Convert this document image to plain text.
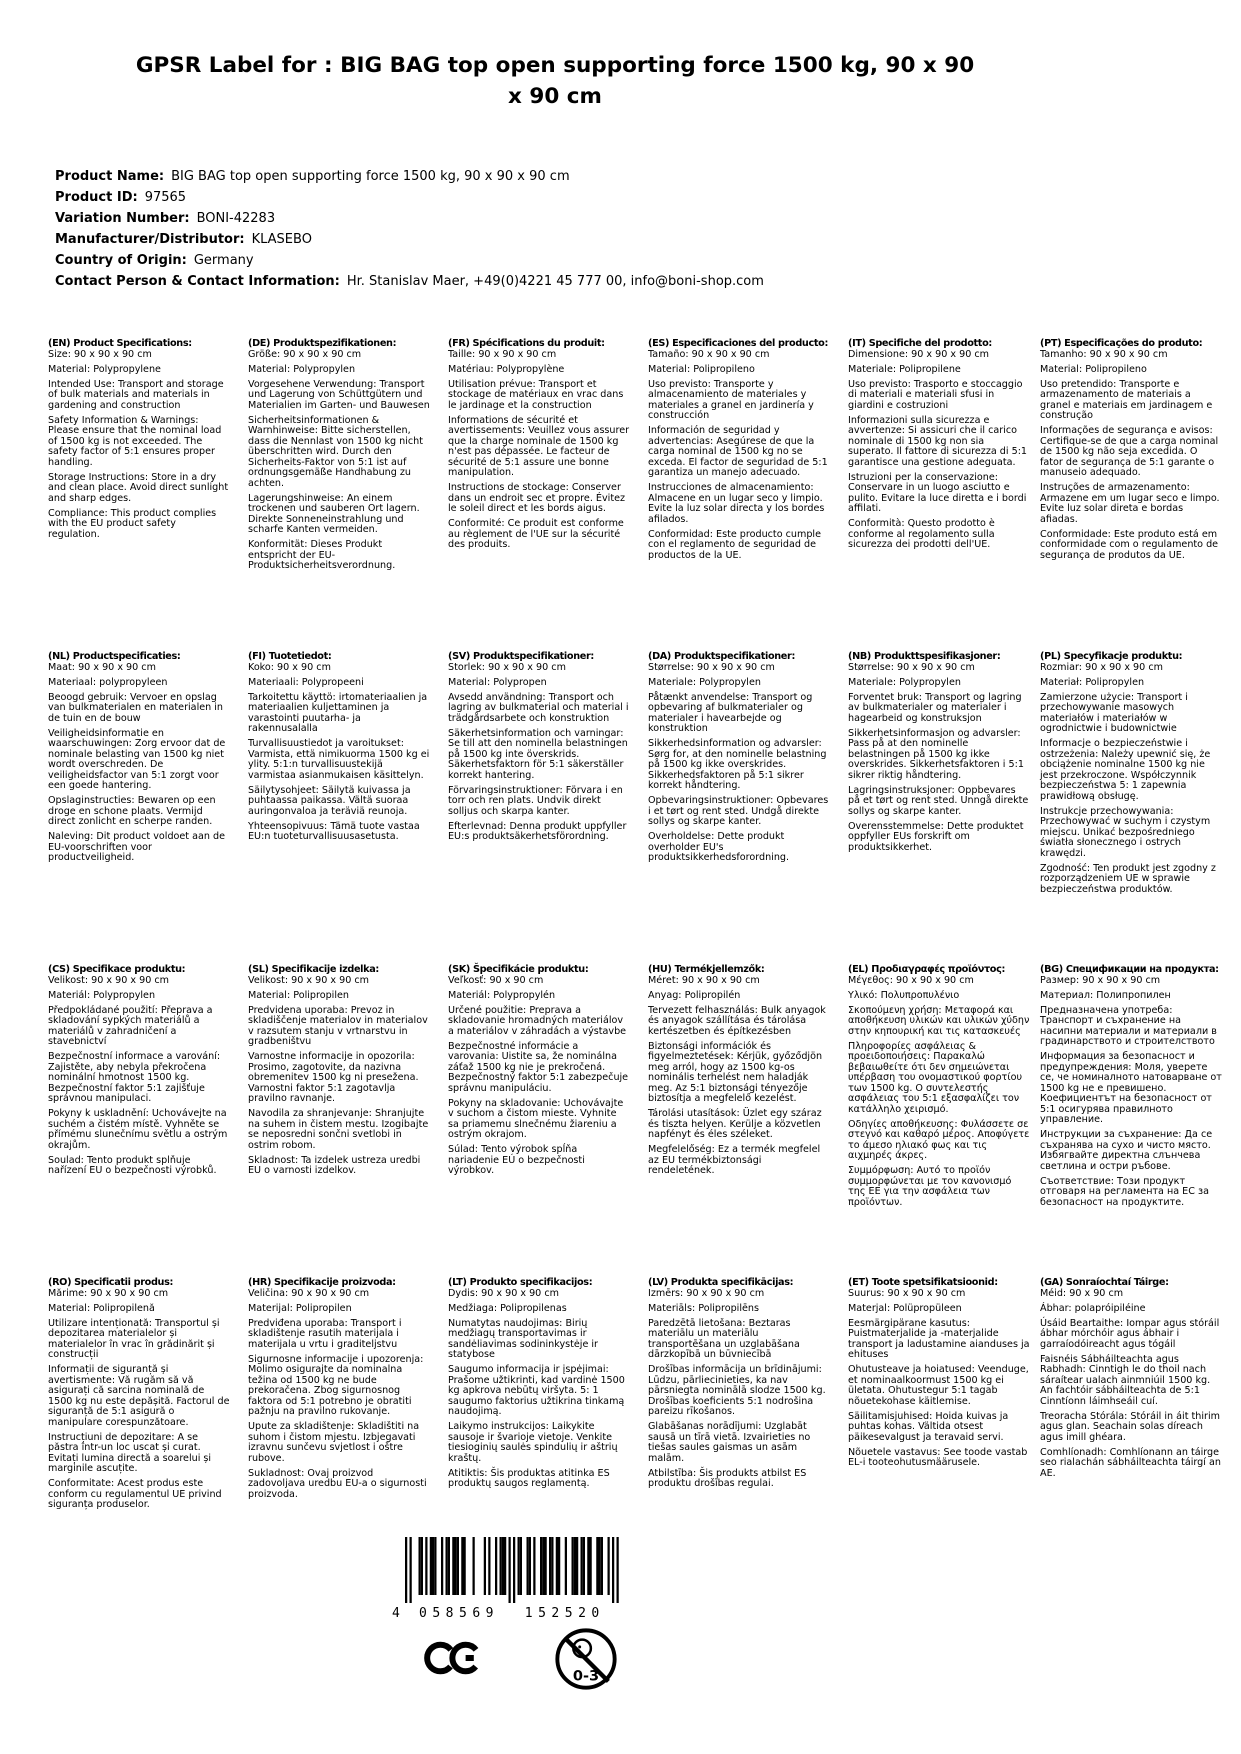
GPSR Label for : BIG BAG top open supporting force 1500 kg, 90 x 90
x 90 cm
Product Name: BIG BAG top open supporting force 1500 kg, 90 x 90 x 90 cm
Product ID: 97565
Variation Number: BONI-42283
Manufacturer/Distributor: KLASEBO
Country of Origin: Germany
Contact Person & Contact Information: Hr. Stanislav Maer, +49(0)4221 45 777 00, info@boni-shop.com
(EN) Product Specifications:
Size: 90 x 90 x 90 cm
Material: Polypropylene
Intended Use: Transport and storage of bulk materials and materials in gardening and construction
Safety Information & Warnings: Please ensure that the nominal load of 1500 kg is not exceeded. The safety factor of 5:1 ensures proper handling.
Storage Instructions: Store in a dry and clean place. Avoid direct sunlight and sharp edges.
Compliance: This product complies with the EU product safety regulation.
(DE) Produktspezifikationen:
Größe: 90 x 90 x 90 cm
Material: Polypropylen
Vorgesehene Verwendung: Transport und Lagerung von Schüttgütern und Materialien im Garten- und Bauwesen
Sicherheitsinformationen & Warnhinweise: Bitte sicherstellen, dass die Nennlast von 1500 kg nicht überschritten wird. Durch den Sicherheits-Faktor von 5:1 ist auf ordnungsgemäße Handhabung zu achten.
Lagerungshinweise: An einem trockenen und sauberen Ort lagern. Direkte Sonneneinstrahlung und scharfe Kanten vermeiden.
Konformität: Dieses Produkt entspricht der EU-Produktsicherheitsverordnung.
(FR) Spécifications du produit:
Taille: 90 x 90 x 90 cm
Matériau: Polypropylène
Utilisation prévue: Transport et stockage de matériaux en vrac dans le jardinage et la construction
Informations de sécurité et avertissements: Veuillez vous assurer que la charge nominale de 1500 kg n'est pas dépassée. Le facteur de sécurité de 5:1 assure une bonne manipulation.
Instructions de stockage: Conserver dans un endroit sec et propre. Évitez le soleil direct et les bords aigus.
Conformité: Ce produit est conforme au règlement de l'UE sur la sécurité des produits.
(ES) Especificaciones del producto:
Tamaño: 90 x 90 x 90 cm
Material: Polipropileno
Uso previsto: Transporte y almacenamiento de materiales y materiales a granel en jardinería y construcción
Información de seguridad y advertencias: Asegúrese de que la carga nominal de 1500 kg no se exceda. El factor de seguridad de 5:1 garantiza un manejo adecuado.
Instrucciones de almacenamiento: Almacene en un lugar seco y limpio. Evite la luz solar directa y los bordes afilados.
Conformidad: Este producto cumple con el reglamento de seguridad de productos de la UE.
(IT) Specifiche del prodotto:
Dimensione: 90 x 90 x 90 cm
Materiale: Polipropilene
Uso previsto: Trasporto e stoccaggio di materiali e materiali sfusi in giardini e costruzioni
Informazioni sulla sicurezza e avvertenze: Si assicuri che il carico nominale di 1500 kg non sia superato. Il fattore di sicurezza di 5:1 garantisce una gestione adeguata.
Istruzioni per la conservazione: Conservare in un luogo asciutto e pulito. Evitare la luce diretta e i bordi affilati.
Conformità: Questo prodotto è conforme al regolamento sulla sicurezza dei prodotti dell'UE.
(PT) Especificações do produto:
Tamanho: 90 x 90 x 90 cm
Material: Polipropileno
Uso pretendido: Transporte e armazenamento de materiais a granel e materiais em jardinagem e construção
Informações de segurança e avisos: Certifique-se de que a carga nominal de 1500 kg não seja excedida. O fator de segurança de 5:1 garante o manuseio adequado.
Instruções de armazenamento: Armazene em um lugar seco e limpo. Evite luz solar direta e bordas afiadas.
Conformidade: Este produto está em conformidade com o regulamento de segurança de produtos da UE.
(NL) Productspecificaties:
Maat: 90 x 90 x 90 cm
Materiaal: polypropyleen
Beoogd gebruik: Vervoer en opslag van bulkmaterialen en materialen in de tuin en de bouw
Veiligheidsinformatie en waarschuwingen: Zorg ervoor dat de nominale belasting van 1500 kg niet wordt overschreden. De veiligheidsfactor van 5:1 zorgt voor een goede hantering.
Opslaginstructies: Bewaren op een droge en schone plaats. Vermijd direct zonlicht en scherpe randen.
Naleving: Dit product voldoet aan de EU-voorschriften voor productveiligheid.
(FI) Tuotetiedot:
Koko: 90 x 90 cm
Materiaali: Polypropeeni
Tarkoitettu käyttö: irtomateriaalien ja materiaalien kuljettaminen ja varastointi puutarha- ja rakennusalalla
Turvallisuustiedot ja varoitukset: Varmista, että nimikuorma 1500 kg ei ylity. 5:1:n turvallisuustekijä varmistaa asianmukaisen käsittelyn.
Säilytysohjeet: Säilytä kuivassa ja puhtaassa paikassa. Vältä suoraa auringonvaloa ja teräviä reunoja.
Yhteensopivuus: Tämä tuote vastaa EU:n tuoteturvallisuusasetusta.
(SV) Produktspecifikationer:
Storlek: 90 x 90 x 90 cm
Material: Polypropen
Avsedd användning: Transport och lagring av bulkmaterial och material i trädgårdsarbete och konstruktion
Säkerhetsinformation och varningar: Se till att den nominella belastningen på 1500 kg inte överskrids. Säkerhetsfaktorn för 5:1 säkerställer korrekt hantering.
Förvaringsinstruktioner: Förvara i en torr och ren plats. Undvik direkt solljus och skarpa kanter.
Efterlevnad: Denna produkt uppfyller EU:s produktsäkerhetsförordning.
(DA) Produktspecifikationer:
Størrelse: 90 x 90 x 90 cm
Materiale: Polypropylen
Påtænkt anvendelse: Transport og opbevaring af bulkmaterialer og materialer i havearbejde og konstruktion
Sikkerhedsinformation og advarsler: Sørg for, at den nominelle belastning på 1500 kg ikke overskrides. Sikkerhedsfaktoren på 5:1 sikrer korrekt håndtering.
Opbevaringsinstruktioner: Opbevares i et tørt og rent sted. Undgå direkte sollys og skarpe kanter.
Overholdelse: Dette produkt overholder EU's produktsikkerhedsforordning.
(NB) Produkttspesifikasjoner:
Størrelse: 90 x 90 x 90 cm
Materiale: Polypropylen
Forventet bruk: Transport og lagring av bulkmaterialer og materialer i hagearbeid og konstruksjon
Sikkerhetsinformasjon og advarsler: Pass på at den nominelle belastningen på 1500 kg ikke overskrides. Sikkerhetsfaktoren i 5:1 sikrer riktig håndtering.
Lagringsinstruksjoner: Oppbevares på et tørt og rent sted. Unngå direkte sollys og skarpe kanter.
Overensstemmelse: Dette produktet oppfyller EUs forskrift om produktsikkerhet.
(PL) Specyfikacje produktu:
Rozmiar: 90 x 90 x 90 cm
Materiał: Polipropylen
Zamierzone użycie: Transport i przechowywanie masowych materiałów i materiałów w ogrodnictwie i budownictwie
Informacje o bezpieczeństwie i ostrzeżenia: Należy upewnić się, że obciążenie nominalne 1500 kg nie jest przekroczone. Współczynnik bezpieczeństwa 5: 1 zapewnia prawidłową obsługę.
Instrukcje przechowywania: Przechowywać w suchym i czystym miejscu. Unikać bezpośredniego światła słonecznego i ostrych krawędzi.
Zgodność: Ten produkt jest zgodny z rozporządzeniem UE w sprawie bezpieczeństwa produktów.
(CS) Specifikace produktu:
Velikost: 90 x 90 x 90 cm
Materiál: Polypropylen
Předpokládané použití: Přeprava a skladování sypkých materiálů a materiálů v zahradničení a stavebnictví
Bezpečnostní informace a varování: Zajistěte, aby nebyla překročena nominální hmotnost 1500 kg. Bezpečnostní faktor 5:1 zajišťuje správnou manipulaci.
Pokyny k uskladnění: Uchovávejte na suchém a čistém místě. Vyhněte se přímému slunečnímu světlu a ostrým okrajům.
Soulad: Tento produkt splňuje nařízení EU o bezpečnosti výrobků.
(SL) Specifikacije izdelka:
Velikost: 90 x 90 x 90 cm
Material: Polipropilen
Predvidena uporaba: Prevoz in skladiščenje materialov in materialov v razsutem stanju v vrtnarstvu in gradbeništvu
Varnostne informacije in opozorila: Prosimo, zagotovite, da nazivna obremenitev 1500 kg ni presežena. Varnostni faktor 5:1 zagotavlja pravilno ravnanje.
Navodila za shranjevanje: Shranjujte na suhem in čistem mestu. Izogibajte se neposredni sončni svetlobi in ostrim robom.
Skladnost: Ta izdelek ustreza uredbi EU o varnosti izdelkov.
(SK) Špecifikácie produktu:
Veľkosť: 90 x 90 cm
Materiál: Polypropylén
Určené použitie: Preprava a skladovanie hromadných materiálov a materiálov v záhradách a výstavbe
Bezpečnostné informácie a varovania: Uistite sa, že nominálna záťaž 1500 kg nie je prekročená. Bezpečnostný faktor 5:1 zabezpečuje správnu manipuláciu.
Pokyny na skladovanie: Uchovávajte v suchom a čistom mieste. Vyhnite sa priamemu slnečnému žiareniu a ostrým okrajom.
Súlad: Tento výrobok spĺňa nariadenie EÚ o bezpečnosti výrobkov.
(HU) Termékjellemzők:
Méret: 90 x 90 x 90 cm
Anyag: Polipropilén
Tervezett felhasználás: Bulk anyagok és anyagok szállítása és tárolása kertészetben és építkezésben
Biztonsági információk és figyelmeztetések: Kérjük, győződjön meg arról, hogy az 1500 kg-os nominális terhelést nem haladják meg. Az 5:1 biztonsági tényezője biztosítja a megfelelő kezelést.
Tárolási utasítások: Üzlet egy száraz és tiszta helyen. Kerülje a közvetlen napfényt és éles széleket.
Megfelelőség: Ez a termék megfelel az EU termékbiztonsági rendeletének.
(EL) Προδιαγραφές προϊόντος:
Μέγεθος: 90 x 90 x 90 cm
Υλικό: Πολυπροπυλένιο
Σκοπούμενη χρήση: Μεταφορά και αποθήκευση υλικών και υλικών χύδην στην κηπουρική και τις κατασκευές
Πληροφορίες ασφάλειας & προειδοποιήσεις: Παρακαλώ βεβαιωθείτε ότι δεν σημειώνεται υπέρβαση του ονομαστικού φορτίου των 1500 kg. Ο συντελεστής ασφάλειας του 5:1 εξασφαλίζει τον κατάλληλο χειρισμό.
Οδηγίες αποθήκευσης: Φυλάσσετε σε στεγνό και καθαρό μέρος. Αποφύγετε το άμεσο ηλιακό φως και τις αιχμηρές άκρες.
Συμμόρφωση: Αυτό το προϊόν συμμορφώνεται με τον κανονισμό της ΕΕ για την ασφάλεια των προϊόντων.
(BG) Спецификации на продукта:
Размер: 90 x 90 x 90 cm
Материал: Полипропилен
Предназначена употреба: Транспорт и съхранение на насипни материали и материали в градинарството и строителството
Информация за безопасност и предупреждения: Моля, уверете се, че номиналното натоварване от 1500 kg не е превишено. Коефициентът на безопасност от 5:1 осигурява правилното управление.
Инструкции за съхранение: Да се съхранява на сухо и чисто място. Избягвайте директна слънчева светлина и остри ръбове.
Съответствие: Този продукт отговаря на регламента на ЕС за безопасност на продуктите.
(RO) Specificatii produs:
Mărime: 90 x 90 x 90 cm
Material: Polipropilenă
Utilizare intenționată: Transportul și depozitarea materialelor și materialelor în vrac în grădinărit și construcții
Informații de siguranță și avertismente: Vă rugăm să vă asigurați că sarcina nominală de 1500 kg nu este depășită. Factorul de siguranță de 5:1 asigură o manipulare corespunzătoare.
Instrucțiuni de depozitare: A se păstra într-un loc uscat și curat. Evitați lumina directă a soarelui și marginile ascuțite.
Conformitate: Acest produs este conform cu regulamentul UE privind siguranța produselor.
(HR) Specifikacije proizvoda:
Veličina: 90 x 90 x 90 cm
Materijal: Polipropilen
Predviđena uporaba: Transport i skladištenje rasutih materijala i materijala u vrtu i graditeljstvu
Sigurnosne informacije i upozorenja: Molimo osigurajte da nominalna težina od 1500 kg ne bude prekoračena. Zbog sigurnosnog faktora od 5:1 potrebno je obratiti pažnju na pravilno rukovanje.
Upute za skladištenje: Skladištiti na suhom i čistom mjestu. Izbjegavati izravnu sunčevu svjetlost i oštre rubove.
Sukladnost: Ovaj proizvod zadovoljava uredbu EU-a o sigurnosti proizvoda.
(LT) Produkto specifikacijos:
Dydis: 90 x 90 x 90 cm
Medžiaga: Polipropilenas
Numatytas naudojimas: Birių medžiagų transportavimas ir sandėliavimas sodininkystėje ir statybose
Saugumo informacija ir įspėjimai: Prašome užtikrinti, kad vardinė 1500 kg apkrova nebūtų viršyta. 5: 1 saugumo faktorius užtikrina tinkamą naudojimą.
Laikymo instrukcijos: Laikykite sausoje ir švarioje vietoje. Venkite tiesioginių saulės spindulių ir aštrių kraštų.
Atitiktis: Šis produktas atitinka ES produktų saugos reglamentą.
(LV) Produkta specifikācijas:
Izmērs: 90 x 90 x 90 cm
Materiāls: Polipropilēns
Paredzētā lietošana: Beztaras materiālu un materiālu transportēšana un uzglabāšana dārzkopībā un būvniecībā
Drošības informācija un brīdinājumi: Lūdzu, pārliecinieties, ka nav pārsniegta nominālā slodze 1500 kg. Drošības koeficients 5:1 nodrošina pareizu rīkošanos.
Glabāšanas norādījumi: Uzglabāt sausā un tīrā vietā. Izvairieties no tiešas saules gaismas un asām malām.
Atbilstība: Šis produkts atbilst ES produktu drošības regulai.
(ET) Toote spetsifikatsioonid:
Suurus: 90 x 90 x 90 cm
Materjal: Polüpropüleen
Eesmärgipärane kasutus: Puistmaterjalide ja -materjalide transport ja ladustamine aianduses ja ehituses
Ohutusteave ja hoiatused: Veenduge, et nominaalkoormust 1500 kg ei ületata. Ohutustegur 5:1 tagab nõuetekohase käitlemise.
Säilitamisjuhised: Hoida kuivas ja puhtas kohas. Vältida otsest päikesevalgust ja teravaid servi.
Nõuetele vastavus: See toode vastab EL-i tooteohutusmäärusele.
(GA) Sonraíochtaí Táirge:
Méid: 90 x 90 cm
Ábhar: polapróipiléine
Úsáid Beartaithe: Iompar agus stóráil ábhar mórchóir agus ábhair i garraíodóireacht agus tógáil
Faisnéis Sábháilteachta agus Rabhadh: Cinntigh le do thoil nach sáraítear ualach ainmniúil 1500 kg. An fachtóir sábháilteachta de 5:1 Cinntíonn láimhseáil cuí.
Treoracha Stórála: Stóráil in áit thirim agus glan. Seachain solas díreach agus imill ghéara.
Comhlíonadh: Comhlíonann an táirge seo rialachán sábháilteachta táirgí an AE.
4 058569 152520
0-3
